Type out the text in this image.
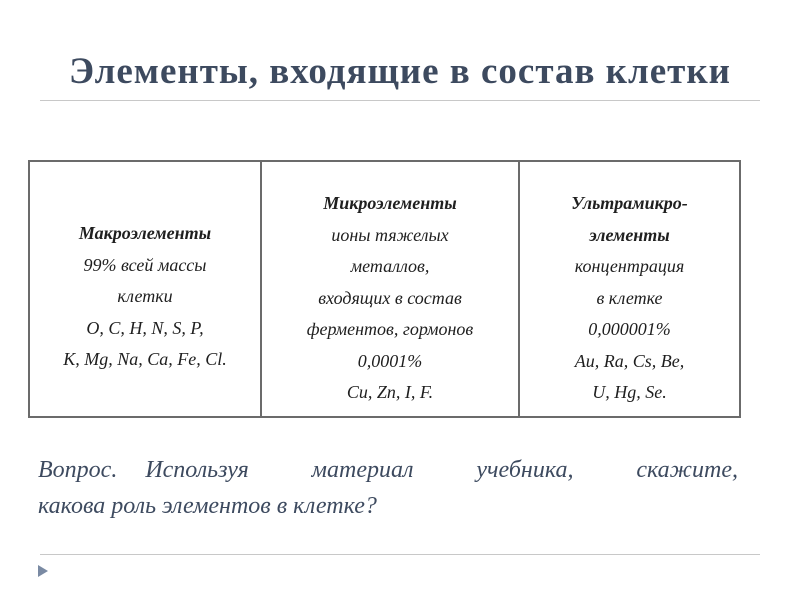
Элементы, входящие в состав клетки
Макроэлементы
99% всей массы
клетки
O, C, H, N, S, P,
K, Mg, Na, Ca, Fe, Cl.
Микроэлементы
ионы тяжелых
металлов,
входящих в состав
ферментов, гормонов
0,0001%
Cu, Zn, I, F.
Ультрамикро-
элементы
концентрация
в клетке
0,000001%
Au, Ra, Cs, Be,
U, Hg, Se.
Вопрос. Используя материал учебника, скажите,
какова роль элементов в клетке?
